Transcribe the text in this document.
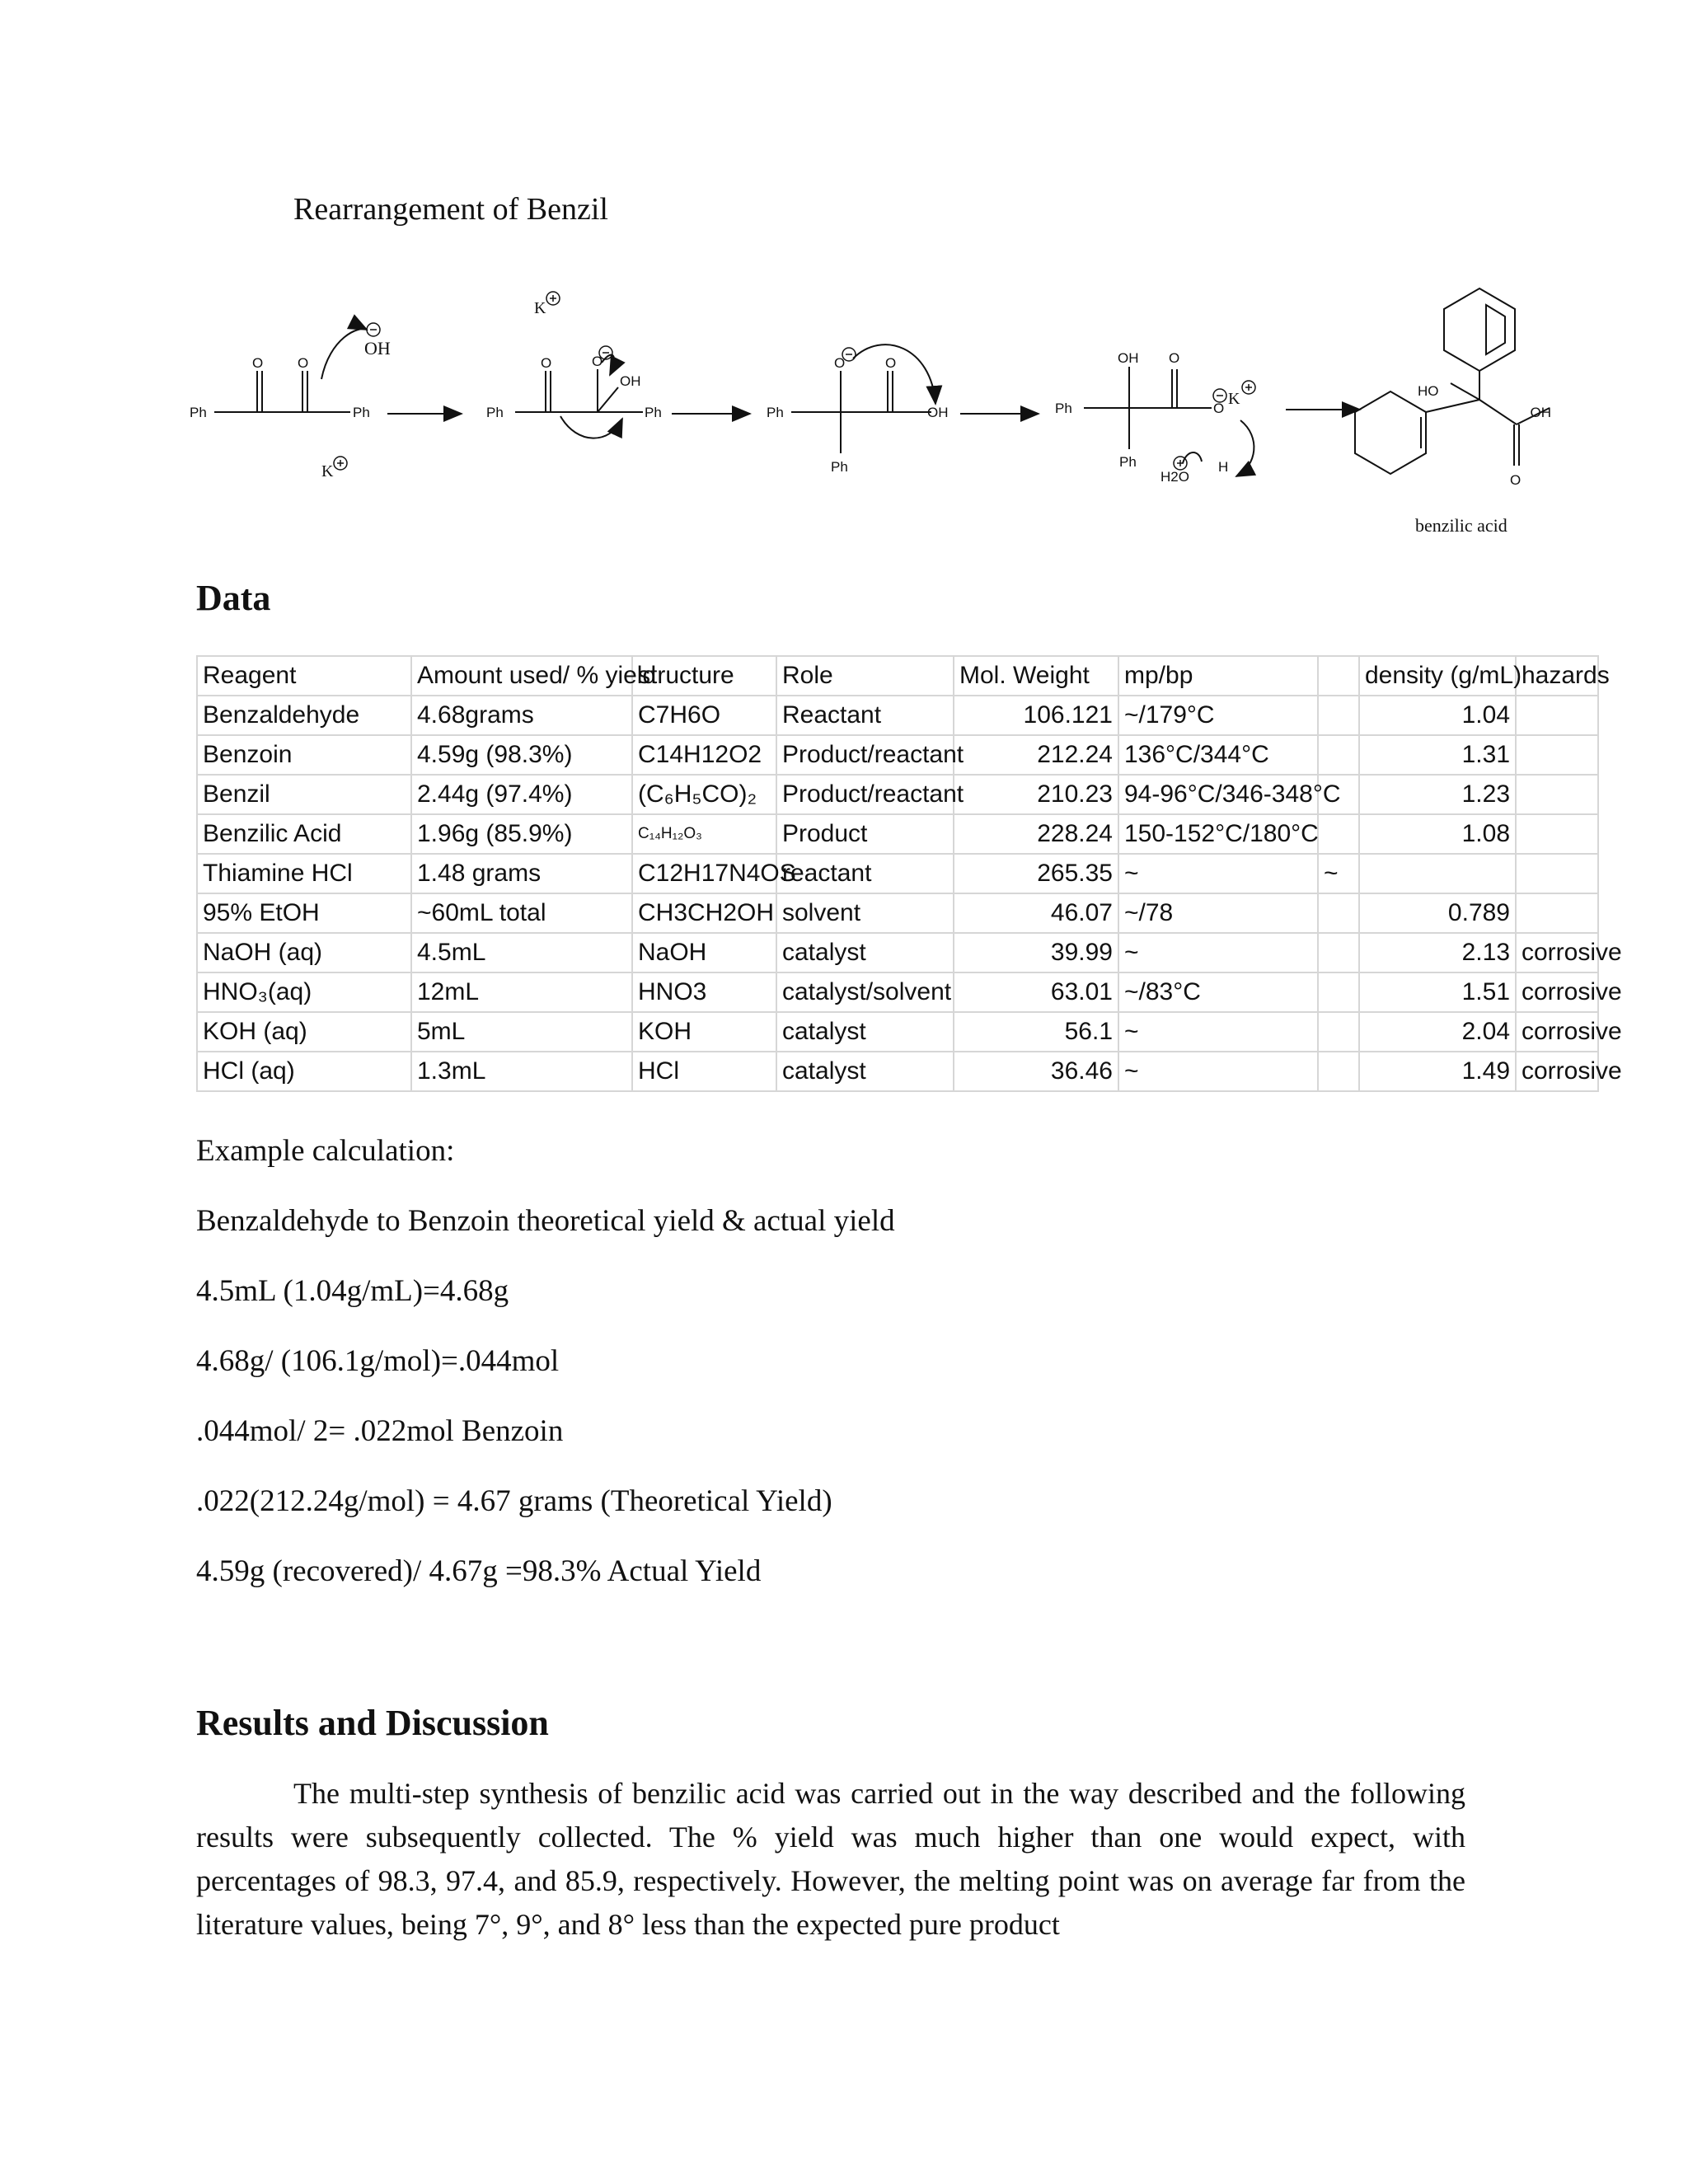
Rearrangement of Benzil
Ph	Ph
O O
OH
K
Ph	Ph
O	O
OH
K
Ph
Ph
O	O
OH	Ph
Ph
OH O
O
K
H2O
H
HO
OH
O
benzilic acid
Data
Reagent	Amount used/ % yield	structure	Role	Mol. Weight	mp/bp		density (g/mL)	hazards
Benzaldehyde	4.68grams	C7H6O	Reactant	106.121	~/179°C		1.04	
Benzoin	4.59g (98.3%)	C14H12O2	Product/reactant	212.24	136°C/344°C		1.31	
Benzil	2.44g (97.4%)	(C₆H₅CO)₂	Product/reactant	210.23	94-96°C/346-348°C		1.23	
Benzilic Acid	1.96g (85.9%)	C₁₄H₁₂O₃	Product	228.24	150-152°C/180°C		1.08	
Thiamine HCl	1.48 grams	C12H17N4OS	reactant	265.35	~	~		
95% EtOH	~60mL total	CH3CH2OH	solvent	46.07	~/78		0.789	
NaOH (aq)	4.5mL	NaOH	catalyst	39.99	~		2.13	corrosive
HNO₃(aq)	12mL	HNO3	catalyst/solvent	63.01	~/83°C		1.51	corrosive
KOH (aq)	5mL	KOH	catalyst	56.1	~		2.04	corrosive
HCl (aq)	1.3mL	HCl	catalyst	36.46	~		1.49	corrosive
Example calculation:
Benzaldehyde to Benzoin theoretical yield & actual yield
4.5mL (1.04g/mL)=4.68g
4.68g/ (106.1g/mol)=.044mol
.044mol/ 2= .022mol Benzoin
.022(212.24g/mol) = 4.67 grams (Theoretical Yield)
4.59g (recovered)/ 4.67g =98.3% Actual Yield
Results and Discussion
The multi-step synthesis of benzilic acid was carried out in the way described and the following results were subsequently collected. The % yield was much higher than one would expect, with percentages of 98.3, 97.4, and 85.9, respectively. However, the melting point was on average far from the literature values, being 7°, 9°, and 8° less than the expected pure product
